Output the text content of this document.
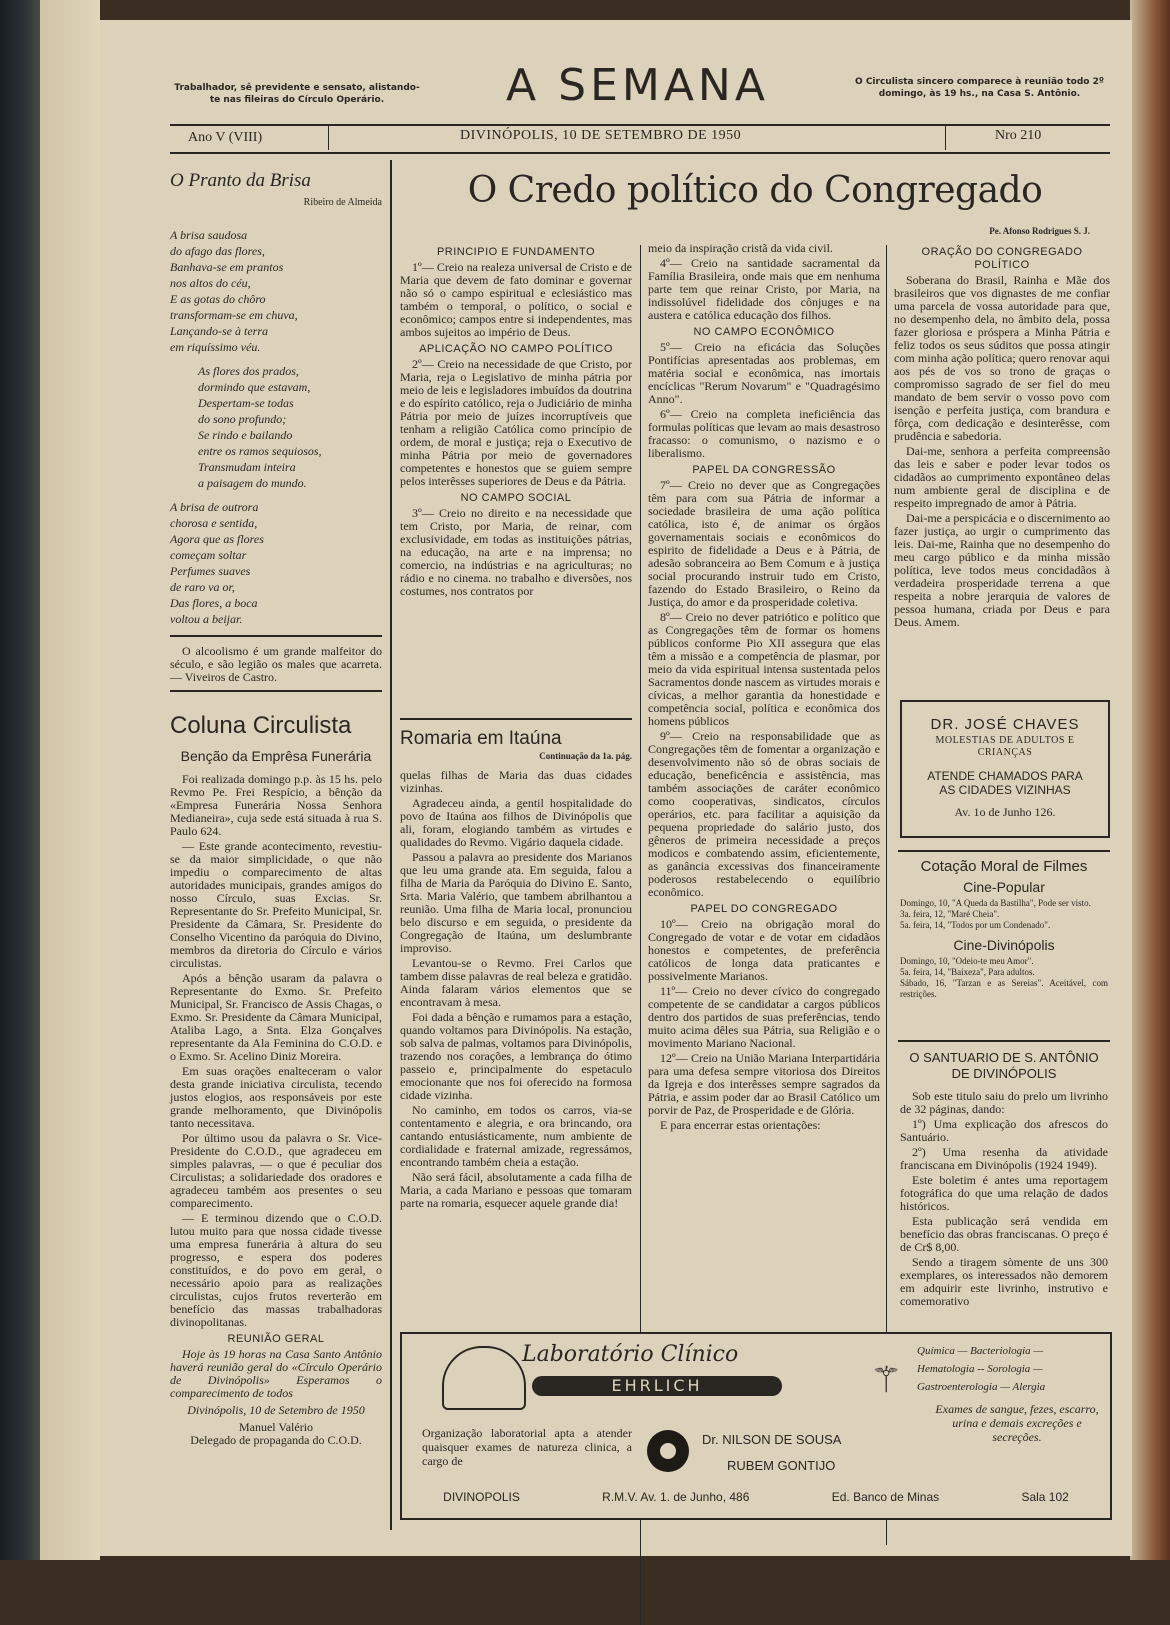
Trabalhador, sê previdente e sensato, alistando-te nas fileiras do Círculo Operário.	A SEMANA	O Circulista sincero comparece à reunião todo 2º domingo, às 19 hs., na Casa S. Antônio.
Ano V (VIII)	DIVINÓPOLIS, 10 DE SETEMBRO DE 1950	Nro 210
O Pranto da Brisa
Ribeiro de Almeida
A brisa saudosa
do afago das flores,
Banhava-se em prantos
nos altos do céu,
E as gotas do chôro
transformam-se em chuva,
Lançando-se à terra
em riquíssimo véu.
As flores dos prados,
dormindo que estavam,
Despertam-se todas
do sono profundo;
Se rindo e bailando
entre os ramos sequiosos,
Transmudam inteira
a paisagem do mundo.
A brisa de outrora
chorosa e sentida,
Agora que as flores
começam soltar
Perfumes suaves
de raro va or,
Das flores, a boca
voltou a beijar.

O alcoolismo é um grande malfeitor do século, e são legião os males que acarreta. — Viveiros de Castro.

Coluna Circulista
Benção da Emprêsa Funerária

Foi realizada domingo p.p. às 15 hs. pelo Revmo Pe. Frei Respício, a bênção da «Empresa Funerária Nossa Senhora Medianeira», cuja sede está situada à rua S. Paulo 624.

— Este grande acontecimento, revestiu-se da maior simplicidade, o que não impediu o comparecimento de altas autoridades municipais, grandes amigos do nosso Círculo, suas Excias. Sr. Representante do Sr. Prefeito Municipal, Sr. Presidente da Câmara, Sr. Presidente do Conselho Vicentino da paróquia do Divino, membros da diretoria do Círculo e vários circulistas.

Após a bênção usaram da palavra o Representante do Exmo. Sr. Prefeito Municipal, Sr. Francisco de Assis Chagas, o Exmo. Sr. Presidente da Câmara Municipal, Ataliba Lago, a Snta. Elza Gonçalves representante da Ala Feminina do C.O.D. e o Exmo. Sr. Acelino Diniz Moreira.

Em suas orações enalteceram o valor desta grande iniciativa circulista, tecendo justos elogios, aos responsáveis por este grande melhoramento, que Divinópolis tanto necessitava.

Por último usou da palavra o Sr. Vice-Presidente do C.O.D., que agradeceu em simples palavras, — o que é peculiar dos Circulistas; a solidariedade dos oradores e agradeceu também aos presentes o seu comparecimento.

— E terminou dizendo que o C.O.D. lutou muito para que nossa cidade tivesse uma empresa funerária à altura do seu progresso, e espera dos poderes constituídos, e do povo em geral, o necessário apoio para as realizações circulistas, cujos frutos reverterão em benefício das massas trabalhadoras divinopolitanas.

REUNIÃO GERAL

Hoje às 19 horas na Casa Santo Antônio haverá reunião geral do «Círculo Operário de Divinópolis» Esperamos o comparecimento de todos

Divinópolis, 10 de Setembro de 1950
Manuel Valério
Delegado de propaganda do C.O.D.
O Credo político do Congregado
Pe. Afonso Rodrigues S. J.
PRINCIPIO E FUNDAMENTO

1º— Creio na realeza universal de Cristo e de Maria que devem de fato dominar e governar não só o campo espiritual e eclesiástico mas também o temporal, o político, o social e econômico; campos entre si independentes, mas ambos sujeitos ao império de Deus.

APLICAÇÃO NO CAMPO POLÍTICO

2º— Creio na necessidade de que Cristo, por Maria, reja o Legislativo de minha pátria por meio de leis e legisladores imbuídos da doutrina e do espírito católico, reja o Judiciário de minha Pátria por meio de juízes incorruptíveis que tenham a religião Católica como princípio de ordem, de moral e justiça; reja o Executivo de minha Pátria por meio de governadores competentes e honestos que se guiem sempre pelos interêsses superiores de Deus e da Pátria.

NO CAMPO SOCIAL

3º— Creio no direito e na necessidade que tem Cristo, por Maria, de reinar, com exclusividade, em todas as instituições pátrias, na educação, na arte e na imprensa; no comercio, na indústrias e na agriculturas; no rádio e no cinema. no trabalho e diversões, nos costumes, nos contratos por

Romaria em Itaúna
Continuação da 1a. pág.

quelas filhas de Maria das duas cidades vizinhas.

Agradeceu ainda, a gentil hospitalidade do povo de Itaúna aos filhos de Divinópolis que ali, foram, elogiando também as virtudes e qualidades do Revmo. Vigário daquela cidade.

Passou a palavra ao presidente dos Marianos que leu uma grande ata. Em seguida, falou a filha de Maria da Paróquia do Divino E. Santo, Srta. Maria Valério, que tambem abrilhantou a reunião. Uma filha de Maria local, pronunciou belo discurso e em seguida, o presidente da Congregação de Itaúna, um deslumbrante improviso.

Levantou-se o Revmo. Frei Carlos que tambem disse palavras de real beleza e gratidão. Ainda falaram vários elementos que se encontravam à mesa.

Foi dada a bênção e rumamos para a estação, quando voltamos para Divinópolis. Na estação, sob salva de palmas, voltamos para Divinópolis, trazendo nos corações, a lembrança do ótimo passeio e, principalmente do espetaculo emocionante que nos foi oferecido na formosa cidade vizinha.

No caminho, em todos os carros, via-se contentamento e alegria, e ora brincando, ora cantando entusiásticamente, num ambiente de cordialidade e fraternal amizade, regressámos, encontrando também cheia a estação.

Não será fácil, absolutamente a cada filha de Maria, a cada Mariano e pessoas que tomaram parte na romaria, esquecer aquele grande dia!

meio da inspiração cristã da vida civil.

4º— Creio na santidade sacramental da Família Brasileira, onde mais que em nenhuma parte tem que reinar Cristo, por Maria, na indissolúvel fidelidade dos cônjuges e na austera e católica educação dos filhos.

NO CAMPO ECONÔMICO

5º— Creio na eficácia das Soluções Pontifícias apresentadas aos problemas, em matéria social e econômica, nas imortais encíclicas "Rerum Novarum" e "Quadragésimo Anno".

6º— Creio na completa ineficiência das formulas políticas que levam ao mais desastroso fracasso: o comunismo, o nazismo e o liberalismo.

PAPEL DA CONGRESSÃO

7º— Creio no dever que as Congregações têm para com sua Pátria de informar a sociedade brasileira de uma ação política católica, isto é, de animar os órgãos governamentais sociais e econômicos do espirito de fidelidade a Deus e à Pátria, de adesão sobranceira ao Bem Comum e à justiça social procurando instruir tudo em Cristo, fazendo do Estado Brasileiro, o Reino da Justiça, do amor e da prosperidade coletiva.

8º— Creio no dever patriótico e político que as Congregações têm de formar os homens públicos conforme Pio XII assegura que elas têm a missão e a competência de plasmar, por meio da vida espiritual intensa sustentada pelos Sacramentos donde nascem as virtudes morais e cívicas, a melhor garantia da honestidade e competência social, política e econômica dos homens públicos

9º— Creio na responsabilidade que as Congregações têm de fomentar a organização e desenvolvimento não só de obras sociais de educação, beneficência e assistência, mas também associações de caráter econômico como cooperativas, sindicatos, círculos operários, etc. para facilitar a aquisição da pequena propriedade do salário justo, dos gêneros de primeira necessidade a preços modicos e combatendo assim, eficientemente, as ganância excessivas dos financeiramente poderosos restabelecendo o equilíbrio econômico.

PAPEL DO CONGREGADO

10º— Creio na obrigação moral do Congregado de votar e de votar em cidadãos honestos e competentes, de preferência católicos de longa data praticantes e possivelmente Marianos.

11º— Creio no dever cívico do congregado competente de se candidatar a cargos públicos dentro dos partidos de suas preferências, tendo muito acima dêles sua Pátria, sua Religião e o movimento Mariano Nacional.

12º— Creio na União Mariana Interpartidária para uma defesa sempre vitoriosa dos Direitos da Igreja e dos interêsses sempre sagrados da Pátria, e assim poder dar ao Brasil Católico um porvir de Paz, de Prosperidade e de Glória.

E para encerrar estas orientações:

ORAÇÃO DO CONGREGADO POLÍTICO

Soberana do Brasil, Rainha e Mãe dos brasileiros que vos dignastes de me confiar uma parcela de vossa autoridade para que, no desempenho dela, no âmbito dela, possa fazer gloriosa e próspera a Minha Pátria e feliz todos os seus súditos que possa atingir com minha ação política; quero renovar aqui aos pés de vos so trono de graças o compromisso sagrado de ser fiel do meu mandato de bem servir o vosso povo com isenção e perfeita justiça, com brandura e fôrça, com dedicação e desinterêsse, com prudência e sabedoria.

Dai-me, senhora a perfeita compreensão das leis e saber e poder levar todos os cidadãos ao cumprimento expontâneo delas num ambiente geral de disciplina e de respeito impregnado de amor à Pátria.

Dai-me a perspicácia e o discernimento ao fazer justiça, ao urgir o cumprimento das leis. Dai-me, Rainha que no desempenho do meu cargo público e da minha missão política, leve todos meus concidadãos à verdadeira prosperidade terrena a que respeita a nobre jerarquia de valores de pessoa humana, criada por Deus e para Deus. Amem.

DR. JOSÉ CHAVES
MOLESTIAS DE ADULTOS E CRIANÇAS
ATENDE CHAMADOS PARA
AS CIDADES VIZINHAS
Av. 1o de Junho 126.
Cotação Moral de Filmes
Cine-Popular
Domingo, 10, "A Queda da Bastilha", Pode ser visto.
3a. feira, 12, "Maré Cheia".
5a. feira, 14, "Todos por um Condenado".
Cine-Divinópolis
Domingo, 10, "Odeio-te meu Amor".
5a. feira, 14, "Baixeza", Para adultos.
Sábado, 16, "Tarzan e as Sereias". Aceitável, com restrições.
O SANTUARIO DE S. ANTÔNIO DE DIVINÓPOLIS

Sob este titulo saiu do prelo um livrinho de 32 páginas, dando:

1º) Uma explicação dos afrescos do Santuário.

2º) Uma resenha da atividade franciscana em Divinópolis (1924 1949).

Este boletim é antes uma reportagem fotográfica do que uma relação de dados históricos.

Esta publicação será vendida em benefício das obras franciscanas. O preço é de Cr$ 8,00.

Sendo a tiragem sòmente de uns 300 exemplares, os interessados não demorem em adquirir este livrinho, instrutivo e comemorativo

Laboratório Clínico
EHRLICH	⚚
Química — Bacteriologia —
Hematologia -- Sorologia —
Gastroenterologia — Alergia
Exames de sangue, fezes, escarro, urina e demais excreções e secreções.
Organização laboratorial apta a atender quaisquer exames de natureza clinica, a cargo de
Dr. NILSON DE SOUSA
RUBEM GONTIJO
DIVINOPOLIS	R.M.V. Av. 1. de Junho, 486	Ed. Banco de Minas	Sala 102
